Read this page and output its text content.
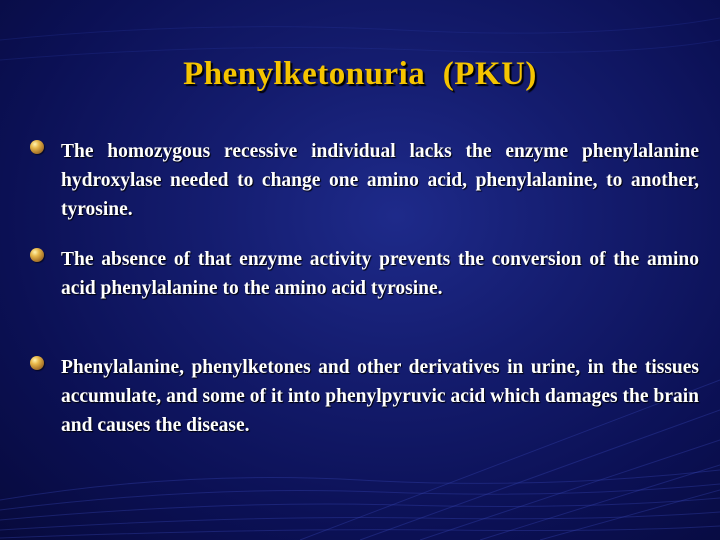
Phenylketonuria  (PKU)
The homozygous recessive individual lacks the enzyme phenylalanine hydroxylase needed to change one amino acid, phenylalanine, to another, tyrosine.
The absence of that enzyme activity prevents the conversion of the amino acid phenylalanine to the amino acid tyrosine.
Phenylalanine, phenylketones and other derivatives in urine, in the tissues accumulate, and some of it into phenylpyruvic acid which damages the brain and causes the disease.
